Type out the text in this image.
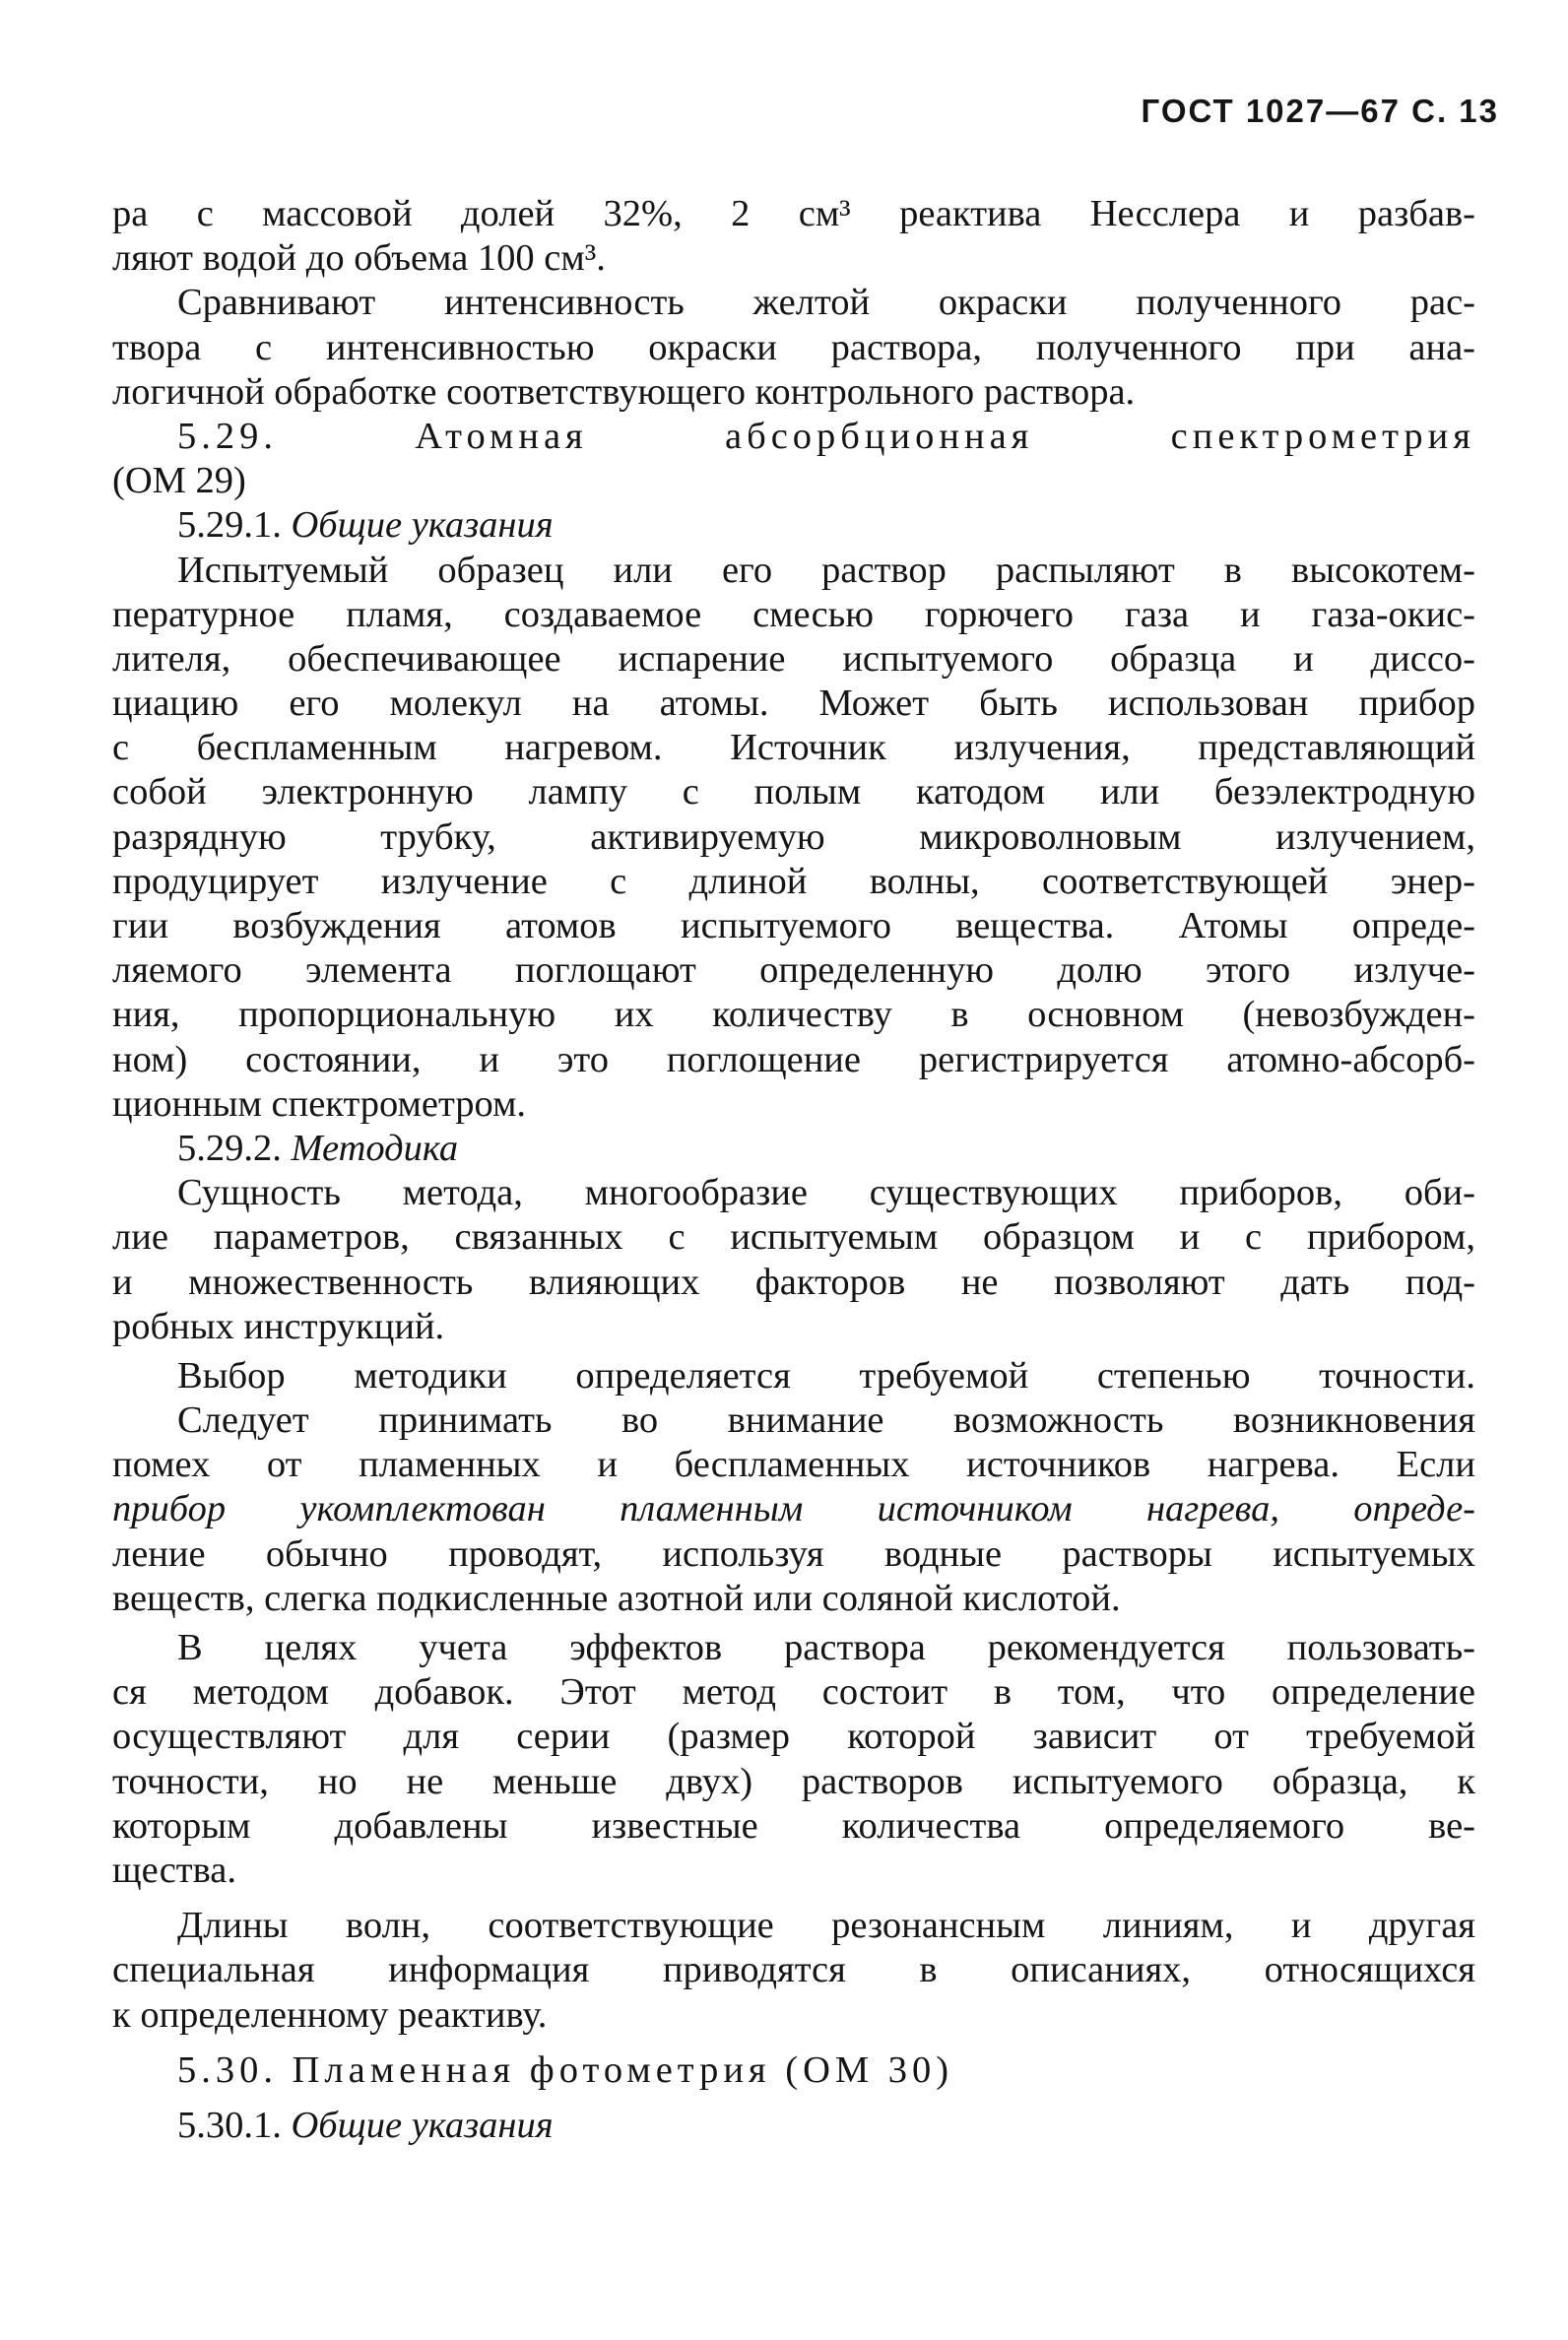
ГОСТ 1027—67 С. 13
ра с массовой долей 32%, 2 см³ реактива Несслера и разбав-
ляют водой до объема 100 см³.
Сравнивают интенсивность желтой окраски полученного рас-
твора с интенсивностью окраски раствора, полученного при ана-
логичной обработке соответствующего контрольного раствора.
5.29. Атомная абсорбционная спектрометрия
(ОМ 29)
5.29.1. Общие указания
Испытуемый образец или его раствор распыляют в высокотем-
пературное пламя, создаваемое смесью горючего газа и газа-окис-
лителя, обеспечивающее испарение испытуемого образца и диссо-
циацию его молекул на атомы. Может быть использован прибор
с беспламенным нагревом. Источник излучения, представляющий
собой электронную лампу с полым катодом или безэлектродную
разрядную трубку, активируемую микроволновым излучением,
продуцирует излучение с длиной волны, соответствующей энер-
гии возбуждения атомов испытуемого вещества. Атомы опреде-
ляемого элемента поглощают определенную долю этого излуче-
ния, пропорциональную их количеству в основном (невозбужден-
ном) состоянии, и это поглощение регистрируется атомно-абсорб-
ционным спектрометром.
5.29.2. Методика
Сущность метода, многообразие существующих приборов, оби-
лие параметров, связанных с испытуемым образцом и с прибором,
и множественность влияющих факторов не позволяют дать под-
робных инструкций.
Выбор методики определяется требуемой степенью точности.
Следует принимать во внимание возможность возникновения
помех от пламенных и беспламенных источников нагрева. Если
прибор укомплектован пламенным источником нагрева, опреде-
ление обычно проводят, используя водные растворы испытуемых
веществ, слегка подкисленные азотной или соляной кислотой.
В целях учета эффектов раствора рекомендуется пользовать-
ся методом добавок. Этот метод состоит в том, что определение
осуществляют для серии (размер которой зависит от требуемой
точности, но не меньше двух) растворов испытуемого образца, к
которым добавлены известные количества определяемого ве-
щества.
Длины волн, соответствующие резонансным линиям, и другая
специальная информация приводятся в описаниях, относящихся
к определенному реактиву.
5.30. Пламенная фотометрия (ОМ 30)
5.30.1. Общие указания
